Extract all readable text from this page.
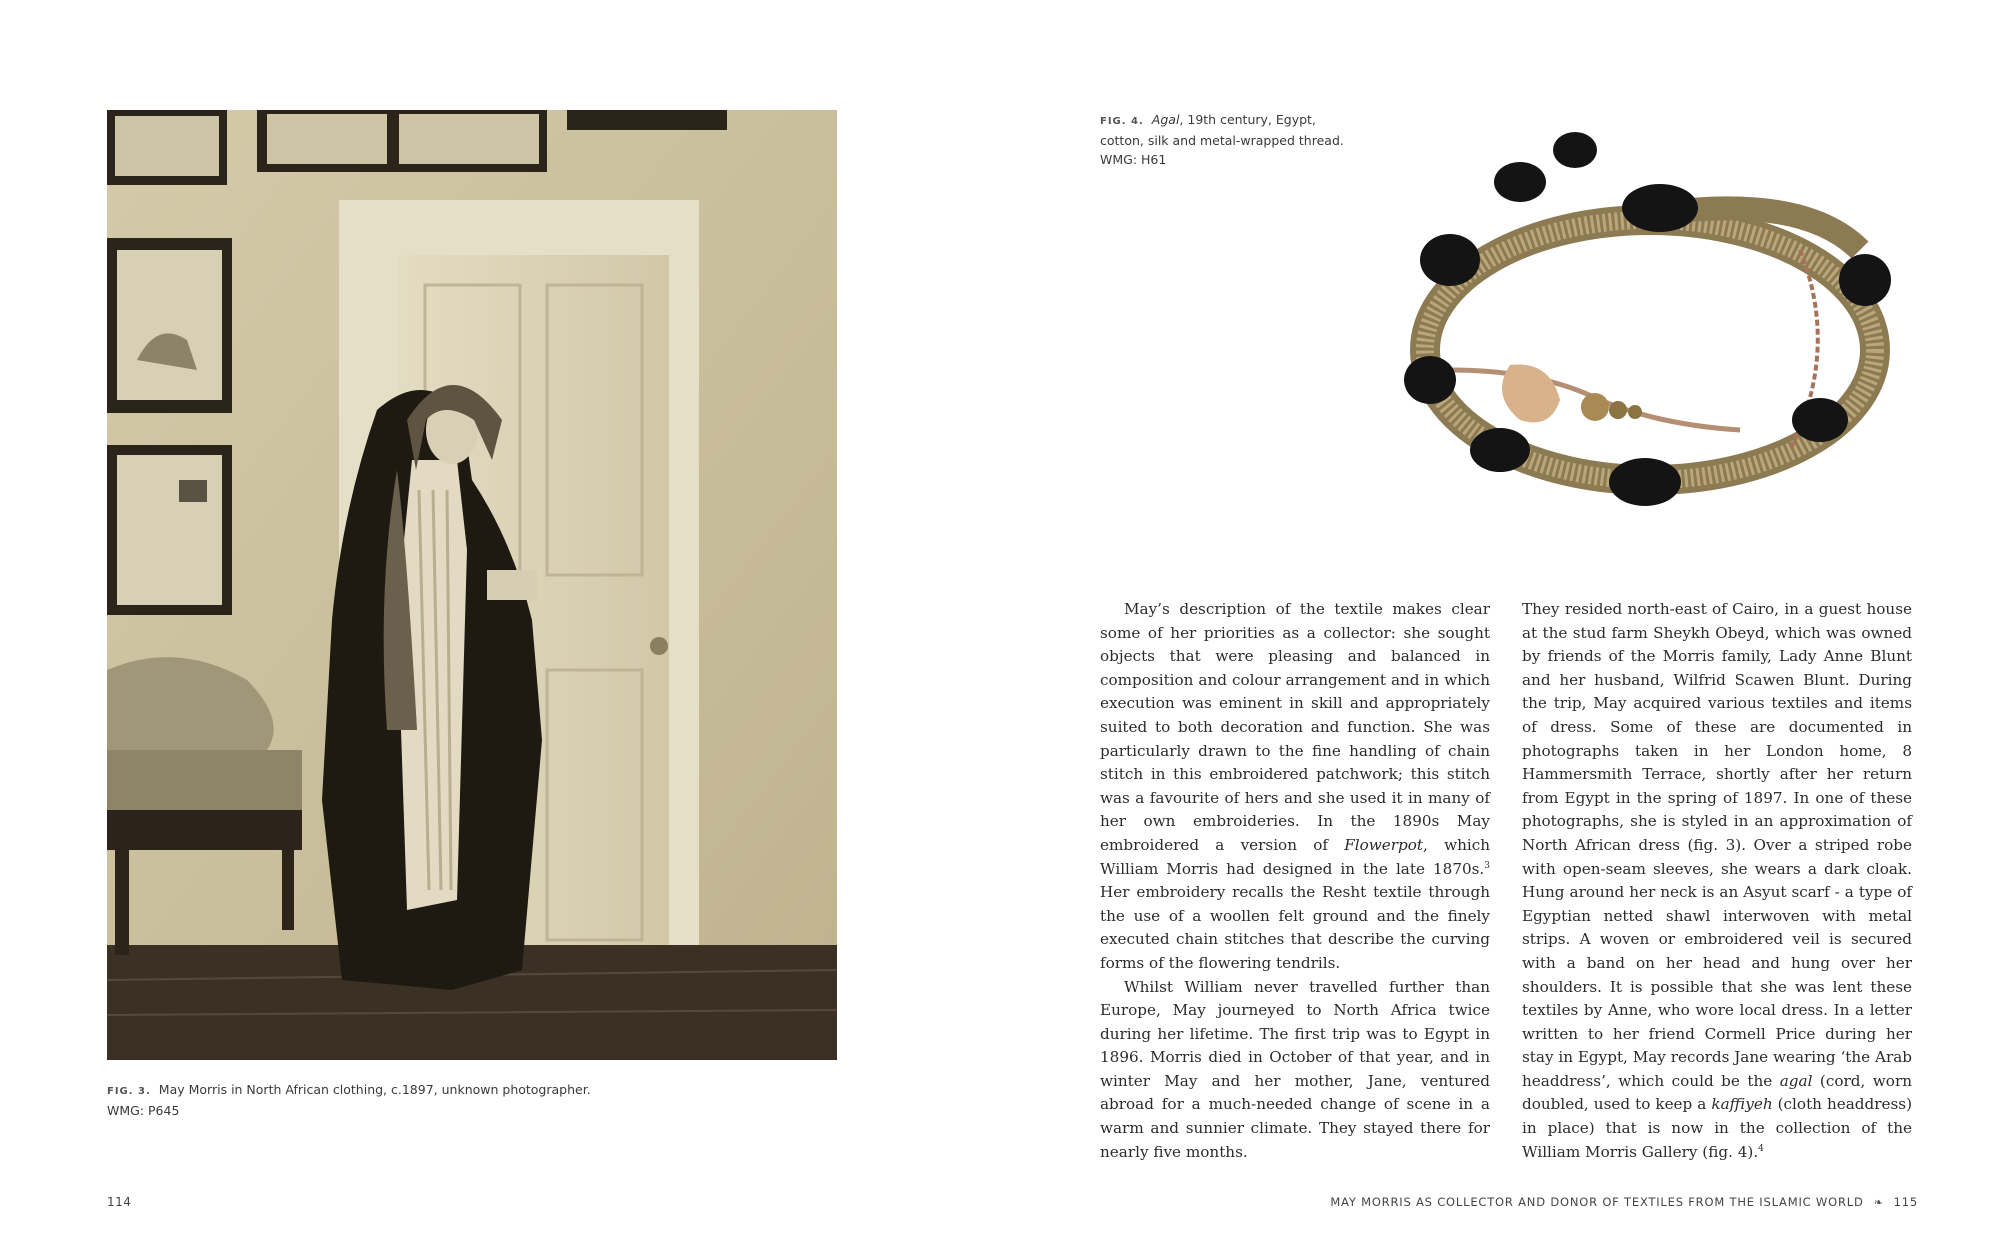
FIG. 3. May Morris in North African clothing, c.1897, unknown photographer.
WMG: P645
114
FIG. 4. Agal, 19th century, Egypt,
cotton, silk and metal-wrapped thread.
WMG: H61

May’s description of the textile makes clear some of her priorities as a collector: she sought objects that were pleasing and balanced in composition and colour arrangement and in which execution was eminent in skill and appropriately suited to both decoration and function. She was particularly drawn to the fine handling of chain stitch in this embroidered patchwork; this stitch was a favourite of hers and she used it in many of her own embroideries. In the 1890s May embroidered a version of Flowerpot, which William Morris had designed in the late 1870s.$^3$ Her embroidery recalls the Resht textile through the use of a woollen felt ground and the finely executed chain stitches that describe the curving forms of the flowering tendrils.

Whilst William never travelled further than Europe, May journeyed to North Africa twice during her lifetime. The first trip was to Egypt in 1896. Morris died in October of that year, and in winter May and her mother, Jane, ventured abroad for a much-needed change of scene in a warm and sunnier climate. They stayed there for nearly five months.

They resided north-east of Cairo, in a guest house at the stud farm Sheykh Obeyd, which was owned by friends of the Morris family, Lady Anne Blunt and her husband, Wilfrid Scawen Blunt. During the trip, May acquired various textiles and items of dress. Some of these are documented in photographs taken in her London home, 8 Hammersmith Terrace, shortly after her return from Egypt in the spring of 1897. In one of these photographs, she is styled in an approximation of North African dress (fig. 3). Over a striped robe with open-seam sleeves, she wears a dark cloak. Hung around her neck is an Asyut scarf - a type of Egyptian netted shawl interwoven with metal strips. A woven or embroidered veil is secured with a band on her head and hung over her shoulders. It is possible that she was lent these textiles by Anne, who wore local dress. In a letter written to her friend Cormell Price during her stay in Egypt, May records Jane wearing ‘the Arab headdress’, which could be the agal (cord, worn doubled, used to keep a kaffiyeh (cloth headdress) in place) that is now in the collection of the William Morris Gallery (fig. 4).$^4$

MAY MORRIS AS COLLECTOR AND DONOR OF TEXTILES FROM THE ISLAMIC WORLD ❧ 115
